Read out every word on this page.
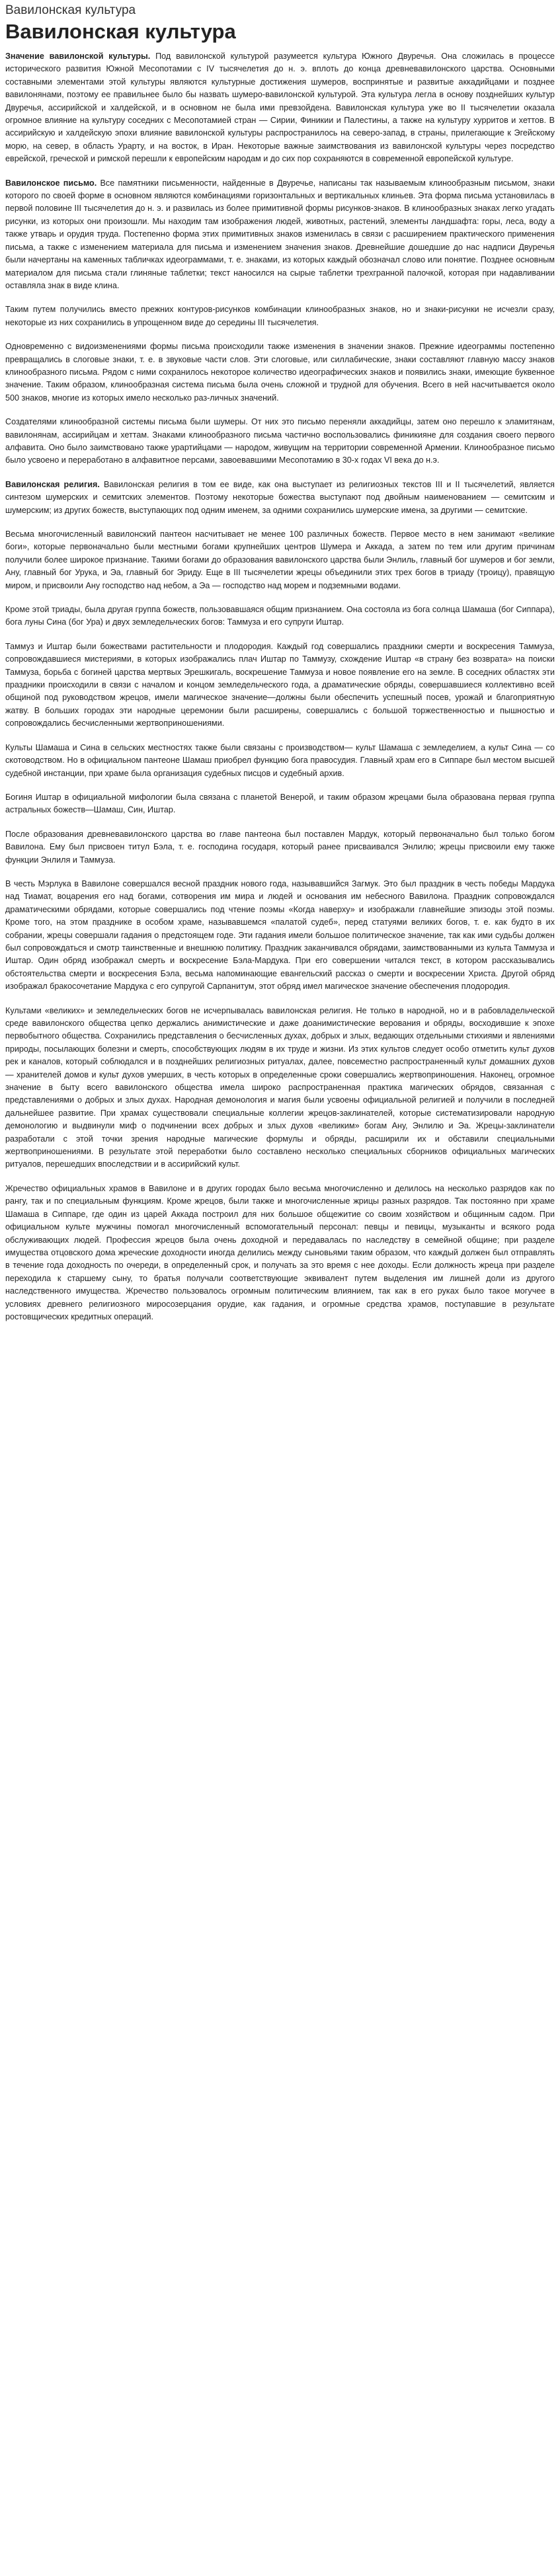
Вавилонская культура
Вавилонская культура

Значение вавилонской культуры. Под вавилонской культурой разумеется культура Южного Двуречья. Она сложилась в процессе исторического развития Южной Месопотамии с IV тысячелетия до н. э. вплоть до конца древневавилонского царства. Основными составными элементами этой культуры являются культурные достижения шумеров, воспринятые и развитые аккадийцами и позднее вавилонянами, поэтому ее правильнее было бы назвать шумеро-вавилонской культурой. Эта культура легла в основу позднейших культур Двуречья, ассирийской и халдейской, и в основном не была ими превзойдена. Вавилонская культура уже во II тысячелетии оказала огромное влияние на культуру соседних с Месопотамией стран — Сирии, Финикии и Палестины, а также на культуру хурритов и хеттов. В ассирийскую и халдейскую эпохи влияние вавилонской культуры распространилось на северо-запад, в страны, прилегающие к Эгейскому морю, на север, в область Урарту, и на восток, в Иран. Некоторые важные заимствования из вавилонской культуры через посредство еврейской, греческой и римской перешли к европейским народам и до сих пор сохраняются в современной европейской культуре.

Вавилонское письмо. Все памятники письменности, найденные в Двуречье, написаны так называемым клинообразным письмом, знаки которого по своей форме в основном являются комбинациями горизонтальных и вертикальных клиньев. Эта форма письма установилась в первой половине III тысячелетия до н. э. и развилась из более примитивной формы рисунков-знаков. В клинообразных знаках легко угадать рисунки, из которых они произошли. Мы находим там изображения людей, животных, растений, элементы ландшафта: горы, леса, воду а также утварь и орудия труда. Постепенно форма этих примитивных знаков изменилась в связи с расширением практического применения письма, а также с изменением материала для письма и изменением значения знаков. Древнейшие дошедшие до нас надписи Двуречья были начертаны на каменных табличках идеограммами, т. е. знаками, из которых каждый обозначал слово или понятие. Позднее основным материалом для письма стали глиняные таблетки; текст наносился на сырые таблетки трехгранной палочкой, которая при надавливании оставляла знак в виде клина.

Таким путем получились вместо прежних контуров-рисунков комбинации клинообразных знаков, но и знаки-рисунки не исчезли сразу, некоторые из них сохранились в упрощенном виде до середины III тысячелетия.

Одновременно с видоизменениями формы письма происходили также изменения в значении знаков. Прежние идеограммы постепенно превращались в слоговые знаки, т. е. в звуковые части слов. Эти слоговые, или силлабические, знаки составляют главную массу знаков клинообразного письма. Рядом с ними сохранилось некоторое количество идеографических знаков и появились знаки, имеющие буквенное значение. Таким образом, клинообразная система письма была очень сложной и трудной для обучения. Всего в ней насчитывается около 500 знаков, многие из которых имело несколько раз-личных значений.

Создателями клинообразной системы письма были шумеры. От них это письмо переняли аккадийцы, затем оно перешло к эламитянам, вавилонянам, ассирийцам и хеттам. Знаками клинообразного письма частично воспользовались финикияне для создания своего первого алфавита. Оно было заимствовано также урартийцами — народом, живущим на территории современной Армении. Клинообразное письмо было усвоено и переработано в алфавитное персами, завоевавшими Месопотамию в 30-х годах VI века до н.э.

Вавилонская религия. Вавилонская религия в том ее виде, как она выступает из религиозных текстов III и II тысячелетий, является синтезом шумерских и семитских элементов. Поэтому некоторые божества выступают под двойным наименованием — семитским и шумерским; из других божеств, выступающих под одним именем, за одними сохранились шумерские имена, за другими — семитские.

Весьма многочисленный вавилонский пантеон насчитывает не менее 100 различных божеств. Первое место в нем занимают «великие боги», которые первоначально были местными богами крупнейших центров Шумера и Аккада, а затем по тем или другим причинам получили более широкое признание. Такими богами до образования вавилонского царства были Энлиль, главный бог шумеров и бог земли, Ану, главный бог Урука, и Эа, главный бог Эриду. Еще в III тысячелетии жрецы объединили этих трех богов в триаду (троицу), правящую миром, и присвоили Ану господство над небом, а Эа — господство над морем и подземными водами.

Кроме этой триады, была другая группа божеств, пользовавшаяся общим признанием. Она состояла из бога солнца Шамаша (бог Сиппара), бога луны Сина (бог Ура) и двух земледельческих богов: Таммуза и его супруги Иштар.

Таммуз и Иштар были божествами растительности и плодородия. Каждый год совершались праздники смерти и воскресения Таммуза, сопровождавшиеся мистериями, в которых изображались плач Иштар по Таммузу, схождение Иштар «в страну без возврата» на поиски Таммуза, борьба с богиней царства мертвых Эрешкигаль, воскрешение Таммуза и новое появление его на земле. В соседних областях эти праздники происходили в связи с началом и концом земледельческого года, а драматические обряды, совершавшиеся коллективно всей общиной под руководством жрецов, имели магическое значение—должны были обеспечить успешный посев, урожай и благоприятную жатву. В больших городах эти народные церемонии были расширены, совершались с большой торжественностью и пышностью и сопровождались бесчисленными жертвоприношениями.

Культы Шамаша и Сина в сельских местностях также были связаны с производством— культ Шамаша с земледелием, а культ Сина — со скотоводством. Но в официальном пантеоне Шамаш приобрел функцию бога правосудия. Главный храм его в Сиппаре был местом высшей судебной инстанции, при храме была организация судебных писцов и судебный архив.

Богиня Иштар в официальной мифологии была связана с планетой Венерой, и таким образом жрецами была образована первая группа астральных божеств—Шамаш, Син, Иштар.

После образования древневавилонского царства во главе пантеона был поставлен Мардук, который первоначально был только богом Вавилона. Ему был присвоен титул Бэла, т. е. господина государя, который ранее присваивался Энлилю; жрецы присвоили ему также функции Энлиля и Таммуза.

В честь Мэрлука в Вавилоне совершался весной праздник нового года, называвшийся Загмук. Это был праздник в честь победы Мардука над Тиамат, воцарения его над богами, сотворения им мира и людей и основания им небесного Вавилона. Праздник сопровождался драматическими обрядами, которые совершались под чтение поэмы «Когда наверху» и изображали главнейшие эпизоды этой поэмы. Кроме того, на этом празднике в особом храме, называвшемся «палатой судеб», перед статуями великих богов, т. е. как будто в их собрании, жрецы совершали гадания о предстоящем годе. Эти гадания имели большое политическое значение, так как ими судьбы должен был сопровождаться и смотр таинственные и внешнюю политику. Праздник заканчивался обрядами, заимствованными из культа Таммуза и Иштар. Один обряд изображал смерть и воскресение Бэла-Мардука. При его совершении читался текст, в котором рассказывались обстоятельства смерти и воскресения Бэла, весьма напоминающие евангельский рассказ о смерти и воскресении Христа. Другой обряд изображал бракосочетание Мардука с его супругой Сарпанитум, этот обряд имел магическое значение обеспечения плодородия.

Культами «великих» и земледельческих богов не исчерпывалась вавилонская религия. Не только в народной, но и в рабовладельческой среде вавилонского общества цепко держались анимистические и даже доанимистические верования и обряды, восходившие к эпохе первобытного общества. Сохранились представления о бесчисленных духах, добрых и злых, ведающих отдельными стихиями и явлениями природы, посылающих болезни и смерть, способствующих людям в их труде и жизни. Из этих культов следует особо отметить культ духов рек и каналов, который соблюдался и в позднейших религиозных ритуалах, далее, повсеместно распространенный культ домашних духов — хранителей домов и культ духов умерших, в честь которых в определенные сроки совершались жертвоприношения. Наконец, огромное значение в быту всего вавилонского общества имела широко распространенная практика магических обрядов, связанная с представлениями о добрых и злых духах. Народная демонология и магия были усвоены официальной религией и получили в последней дальнейшее развитие. При храмах существовали специальные коллегии жрецов-заклинателей, которые систематизировали народную демонологию и выдвинули миф о подчинении всех добрых и злых духов «великим» богам Ану, Энлилю и Эа. Жрецы-заклинатели разработали с этой точки зрения народные магические формулы и обряды, расширили их и обставили специальными жертвоприношениями. В результате этой переработки было составлено несколько специальных сборников официальных магических ритуалов, перешедших впоследствии и в ассирийский культ.

Жречество официальных храмов в Вавилоне и в других городах было весьма многочисленно и делилось на несколько разрядов как по рангу, так и по специальным функциям. Кроме жрецов, были также и многочисленные жрицы разных разрядов. Так постоянно при храме Шамаша в Сиппаре, где один из царей Аккада построил для них большое общежитие со своим хозяйством и общинным садом. При официальном культе мужчины помогал многочисленный вспомогательный персонал: певцы и певицы, музыканты и всякого рода обслуживающих людей. Профессия жрецов была очень доходной и передавалась по наследству в семейной общине; при разделе имущества отцовского дома жреческие доходности иногда делились между сыновьями таким образом, что каждый должен был отправлять в течение года доходность по очереди, в определенный срок, и получать за это время с нее доходы. Если должность жреца при разделе переходила к старшему сыну, то братья получали соответствующие эквивалент путем выделения им лишней доли из другого наследственного имущества. Жречество пользовалось огромным политическим влиянием, так как в его руках было такое могучее в условиях древнего религиозного миросозерцания орудие, как гадания, и огромные средства храмов, поступавшие в результате ростовщических кредитных операций.
